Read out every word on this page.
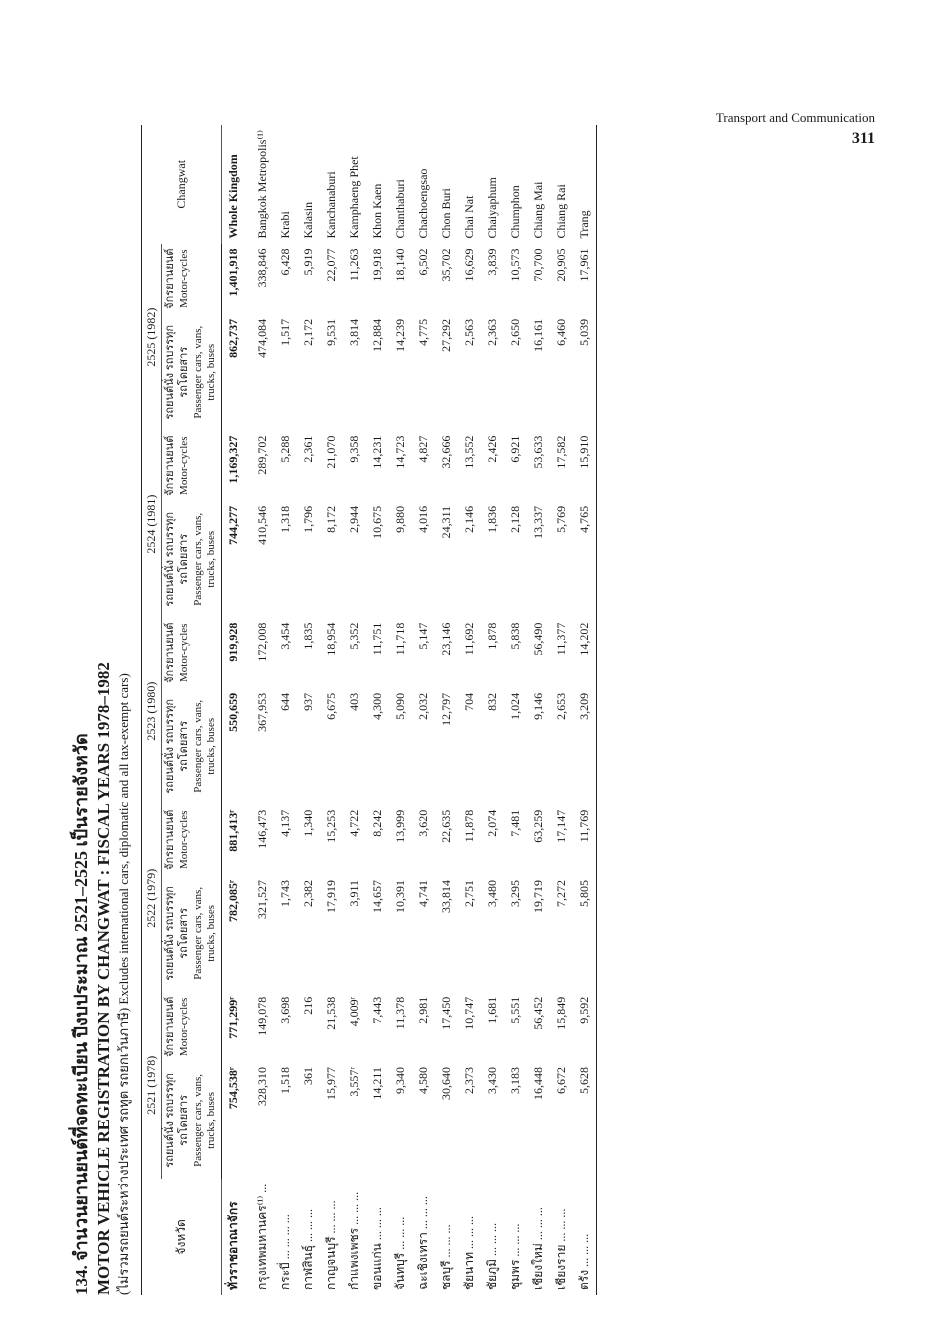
Transport and Communication
311
134. จำนวนยานยนต์ที่จดทะเบียน ปีงบประมาณ 2521–2525 เป็นรายจังหวัด MOTOR VEHICLE REGISTRATION BY CHANGWAT : FISCAL YEARS 1978–1982 (ไม่รวมรถยนต์ระหว่างประเทศ รถทูต รถยกเว้นภาษี) Excludes international cars, diplomatic and all tax-exempt cars)
จังหวัด	2521 (1978)		2522 (1979)		2523 (1980)		2524 (1981)		2525 (1982)		Changwat

	รถยนต์นั่ง รถบรรทุก รถโดยสาร Passenger cars, vans, trucks, buses	จักรยานยนต์ Motor-cycles	รถยนต์นั่ง รถบรรทุก รถโดยสาร Passenger cars, vans, trucks, buses	จักรยานยนต์ Motor-cycles	รถยนต์นั่ง รถบรรทุก รถโดยสาร Passenger cars, vans, trucks, buses	จักรยานยนต์ Motor-cycles	รถยนต์นั่ง รถบรรทุก รถโดยสาร Passenger cars, vans, trucks, buses	จักรยานยนต์ Motor-cycles	รถยนต์นั่ง รถบรรทุก รถโดยสาร Passenger cars, vans, trucks, buses	จักรยานยนต์ Motor-cycles	

ทั่วราชอาณาจักร	754,538ʳ	771,299ʳ	782,085ʳ	881,413ʳ	550,659	919,928	744,277	1,169,327	862,737	1,401,918	Whole Kingdom
กรุงเทพมหานคร⁽¹⁾ ...	328,310	149,078	321,527	146,473	367,953	172,008	410,546	289,702	474,084	338,846	Bangkok Metropolis⁽¹⁾
กระบี่ ... ... ... ...	1,518	3,698	1,743	4,137	644	3,454	1,318	5,288	1,517	6,428	Krabi
กาฬสินธุ์ ... ... ...	361	216	2,382	1,340	937	1,835	1,796	2,361	2,172	5,919	Kalasin
กาญจนบุรี ... ... ...	15,977	21,538	17,919	15,253	6,675	18,954	8,172	21,070	9,531	22,077	Kanchanaburi
กำแพงเพชร ... ... ...	3,557ʳ	4,009ʳ	3,911	4,722	403	5,352	2,944	9,358	3,814	11,263	Kamphaeng Phet
ขอนแก่น ... ... ...	14,211	7,443	14,657	8,242	4,300	11,751	10,675	14,231	12,884	19,918	Khon Kaen
จันทบุรี ... ... ...	9,340	11,378	10,391	13,999	5,090	11,718	9,880	14,723	14,239	18,140	Chanthaburi
ฉะเชิงเทรา ... ... ...	4,580	2,981	4,741	3,620	2,032	5,147	4,016	4,827	4,775	6,502	Chachoengsao
ชลบุรี ... ... ...	30,640	17,450	33,814	22,635	12,797	23,146	24,311	32,666	27,292	35,702	Chon Buri
ชัยนาท ... ... ...	2,373	10,747	2,751	11,878	704	11,692	2,146	13,552	2,563	16,629	Chai Nat
ชัยภูมิ ... ... ...	3,430	1,681	3,480	2,074	832	1,878	1,836	2,426	2,363	3,839	Chaiyaphum
ชุมพร ... ... ...	3,183	5,551	3,295	7,481	1,024	5,838	2,128	6,921	2,650	10,573	Chumphon
เชียงใหม่ ... ... ...	16,448	56,452	19,719	63,259	9,146	56,490	13,337	53,633	16,161	70,700	Chiang Mai
เชียงราย ... ... ...	6,672	15,849	7,272	17,147	2,653	11,377	5,769	17,582	6,460	20,905	Chiang Rai
ตรัง ... ... ...	5,628	9,592	5,805	11,769	3,209	14,202	4,765	15,910	5,039	17,961	Trang
